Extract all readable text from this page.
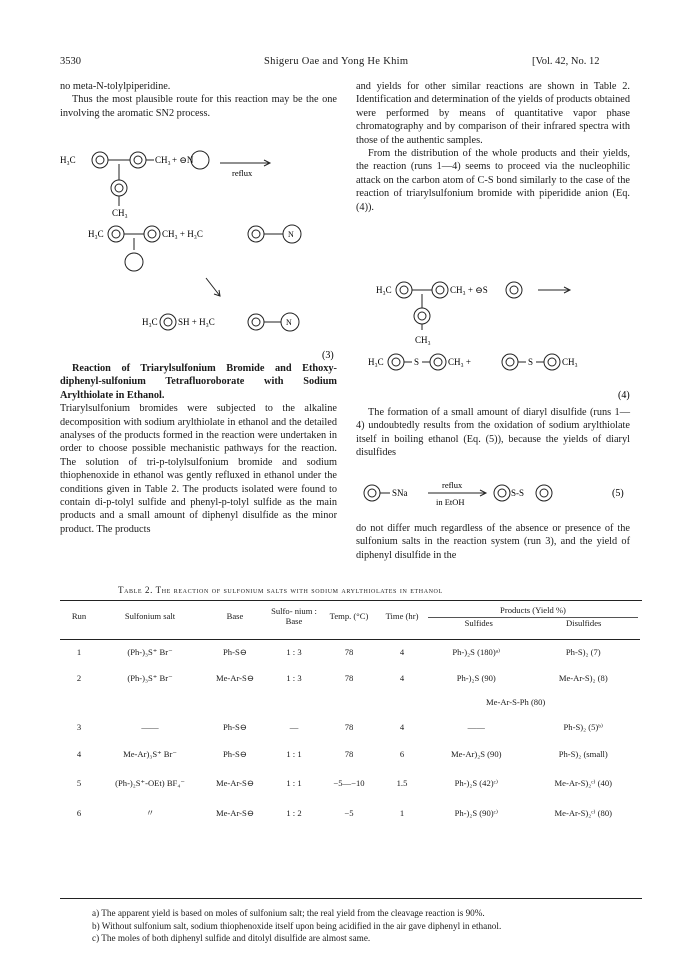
3530	Shigeru Oae and Yong He Khim	[Vol. 42, No. 12

no meta-N-tolylpiperidine.

Thus the most plausible route for this reaction may be the one involving the aromatic SN2 process.

H₃C	CH₃ + ⊖N
reflux
CH₃
H₃C	CH₃ + H₃C	N
H₃C SH + H₃C	N
(3)

Reaction of Triarylsulfonium Bromide and Ethoxy-diphenyl-sulfonium Tetrafluoroborate with Sodium Arylthiolate in Ethanol.

Triarylsulfonium bromides were subjected to the alkaline decomposition with sodium arylthiolate in ethanol and the detailed analyses of the products formed in the reaction were undertaken in order to choose possible mechanistic pathways for the reaction. The solution of tri-p-tolylsulfonium bromide and sodium thiophenoxide in ethanol was gently refluxed in ethanol under the conditions given in Table 2. The products isolated were found to contain di-p-tolyl sulfide and phenyl-p-tolyl sulfide as the main products and a small amount of diphenyl disulfide as the minor product. The products

and yields for other similar reactions are shown in Table 2. Identification and determination of the yields of products obtained were performed by means of quantitative vapor phase chromatography and by comparison of their infrared spectra with those of the authentic samples.

From the distribution of the whole products and their yields, the reaction (runs 1—4) seems to proceed via the nucleophilic attack on the carbon atom of C-S bond similarly to the case of the reaction of triarylsulfonium bromide with piperidide anion (Eq. (4)).

H₃C	CH₃ + ⊖S
CH₃
H₃C	S	CH₃ +	S	CH₃
(4)

The formation of a small amount of diaryl disulfide (runs 1—4) undoubtedly results from the oxidation of sodium arylthiolate itself in boiling ethanol (Eq. (5)), because the yields of diaryl disulfides

SNa
reflux
in EtOH
S-S	(5)

do not differ much regardless of the absence or presence of the sulfonium salts in the reaction system (run 3), and the yield of diphenyl disulfide in the

Table 2. The reaction of sulfonium salts with sodium arylthiolates in ethanol
Run	Sulfonium salt	Base	Sulfo- nium : Base	Temp. (°C)	Time (hr)	Products (Yield %)
Sulfides Disulfides	

1	(Ph-)₃S⁺ Br⁻	Ph-S⊖	1 : 3	78	4	Ph-)₂S (180)ᵃ⁾	Ph-S)₂ (7)
2	(Ph-)₃S⁺ Br⁻	Me-Ar-S⊖	1 : 3	78	4	Ph-)₂S (90)	Me-Ar-S)₂ (8)
						Me-Ar-S-Ph (80)	
3	——	Ph-S⊖	—	78	4	——	Ph-S)₂ (5)ᵇ⁾
4	Me-Ar)₃S⁺ Br⁻	Ph-S⊖	1 : 1	78	6	Me-Ar)₂S (90)	Ph-S)₂ (small)
5	(Ph-)₂S⁺-OEt) BF₄⁻	Me-Ar-S⊖	1 : 1	−5—−10	1.5	Ph-)₂S (42)ᶜ⁾	Me-Ar-S)₂ᶜ⁾ (40)
6	〃	Me-Ar-S⊖	1 : 2	−5	1	Ph-)₂S (90)ᶜ⁾	Me-Ar-S)₂ᶜ⁾ (80)
a) The apparent yield is based on moles of sulfonium salt; the real yield from the cleavage reaction is 90%.
b) Without sulfonium salt, sodium thiophenoxide itself upon being acidified in the air gave diphenyl in ethanol.
c) The moles of both diphenyl sulfide and ditolyl disulfide are almost same.
